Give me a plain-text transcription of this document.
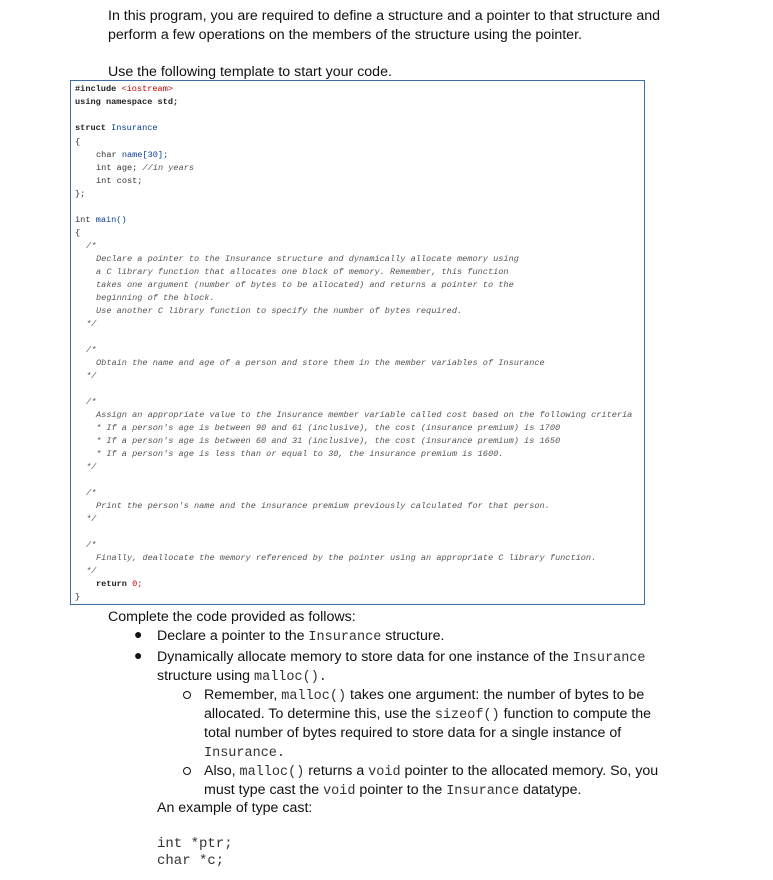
In this program, you are required to define a structure and a pointer to that structure and perform a few operations on the members of the structure using the pointer.
Use the following template to start your code.
#include <iostream>
using namespace std;
struct Insurance
{
char name[30];
int age; //in years
int cost;
};
int main()
{
/*
Declare a pointer to the Insurance structure and dynamically allocate memory using
a C library function that allocates one block of memory. Remember, this function
takes one argument (number of bytes to be allocated) and returns a pointer to the
beginning of the block.
Use another C library function to specify the number of bytes required.
*/
/*
Obtain the name and age of a person and store them in the member variables of Insurance
*/
/*
Assign an appropriate value to the Insurance member variable called cost based on the following criteria
* If a person's age is between 90 and 61 (inclusive), the cost (insurance premium) is 1700
* If a person's age is between 60 and 31 (inclusive), the cost (insurance premium) is 1650
* If a person's age is less than or equal to 30, the insurance premium is 1600.
*/
/*
Print the person's name and the insurance premium previously calculated for that person.
*/
/*
Finally, deallocate the memory referenced by the pointer using an appropriate C library function.
*/
return 0;
}
Complete the code provided as follows:
● Declare a pointer to the Insurance structure.
● Dynamically allocate memory to store data for one instance of the Insurance
structure using malloc().
Remember, malloc() takes one argument: the number of bytes to be
allocated. To determine this, use the sizeof() function to compute the
total number of bytes required to store data for a single instance of
Insurance.
Also, malloc() returns a void pointer to the allocated memory. So, you
must type cast the void pointer to the Insurance datatype.
An example of type cast:
int *ptr;
char *c;
